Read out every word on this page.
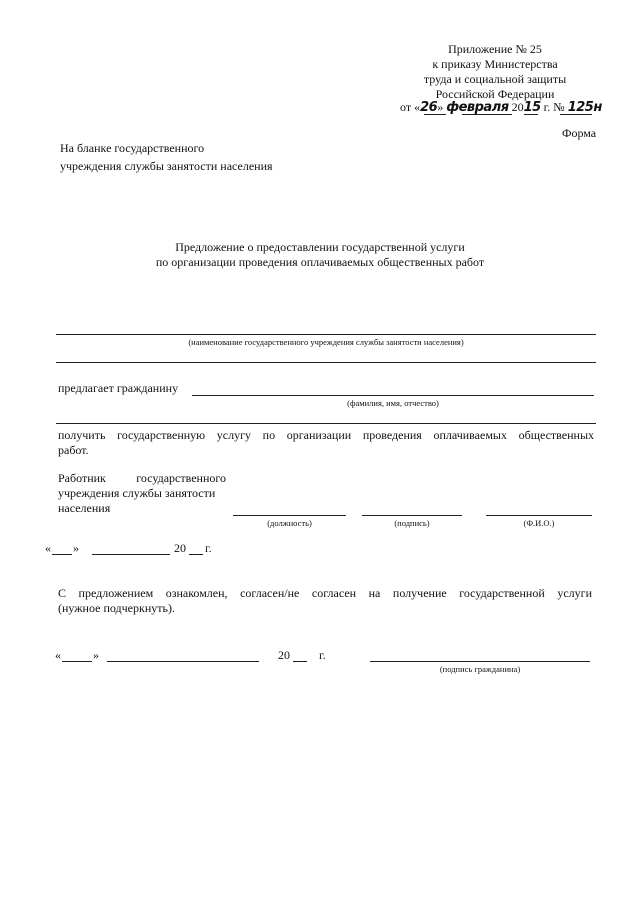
Приложение № 25
к приказу Министерства
труда и социальной защиты
Российской Федерации
от «26» февраля 2015 г. № 125н
Форма
На бланке государственного
учреждения службы занятости населения
Предложение о предоставлении государственной услуги
по организации проведения оплачиваемых общественных работ
(наименование государственного учреждения службы занятости населения)
предлагает гражданину
(фамилия, имя, отчество)
получить государственную услугу по организации проведения оплачиваемых общественных
работ.
Работник	государственного
учреждения службы занятости
населения
(должность)	(подпись)	(Ф.И.О.)
« »	20 г.
С предложением ознакомлен, согласен/не согласен на получение государственной услуги
(нужное подчеркнуть).
«	»	20 г.
(подпись гражданина)
